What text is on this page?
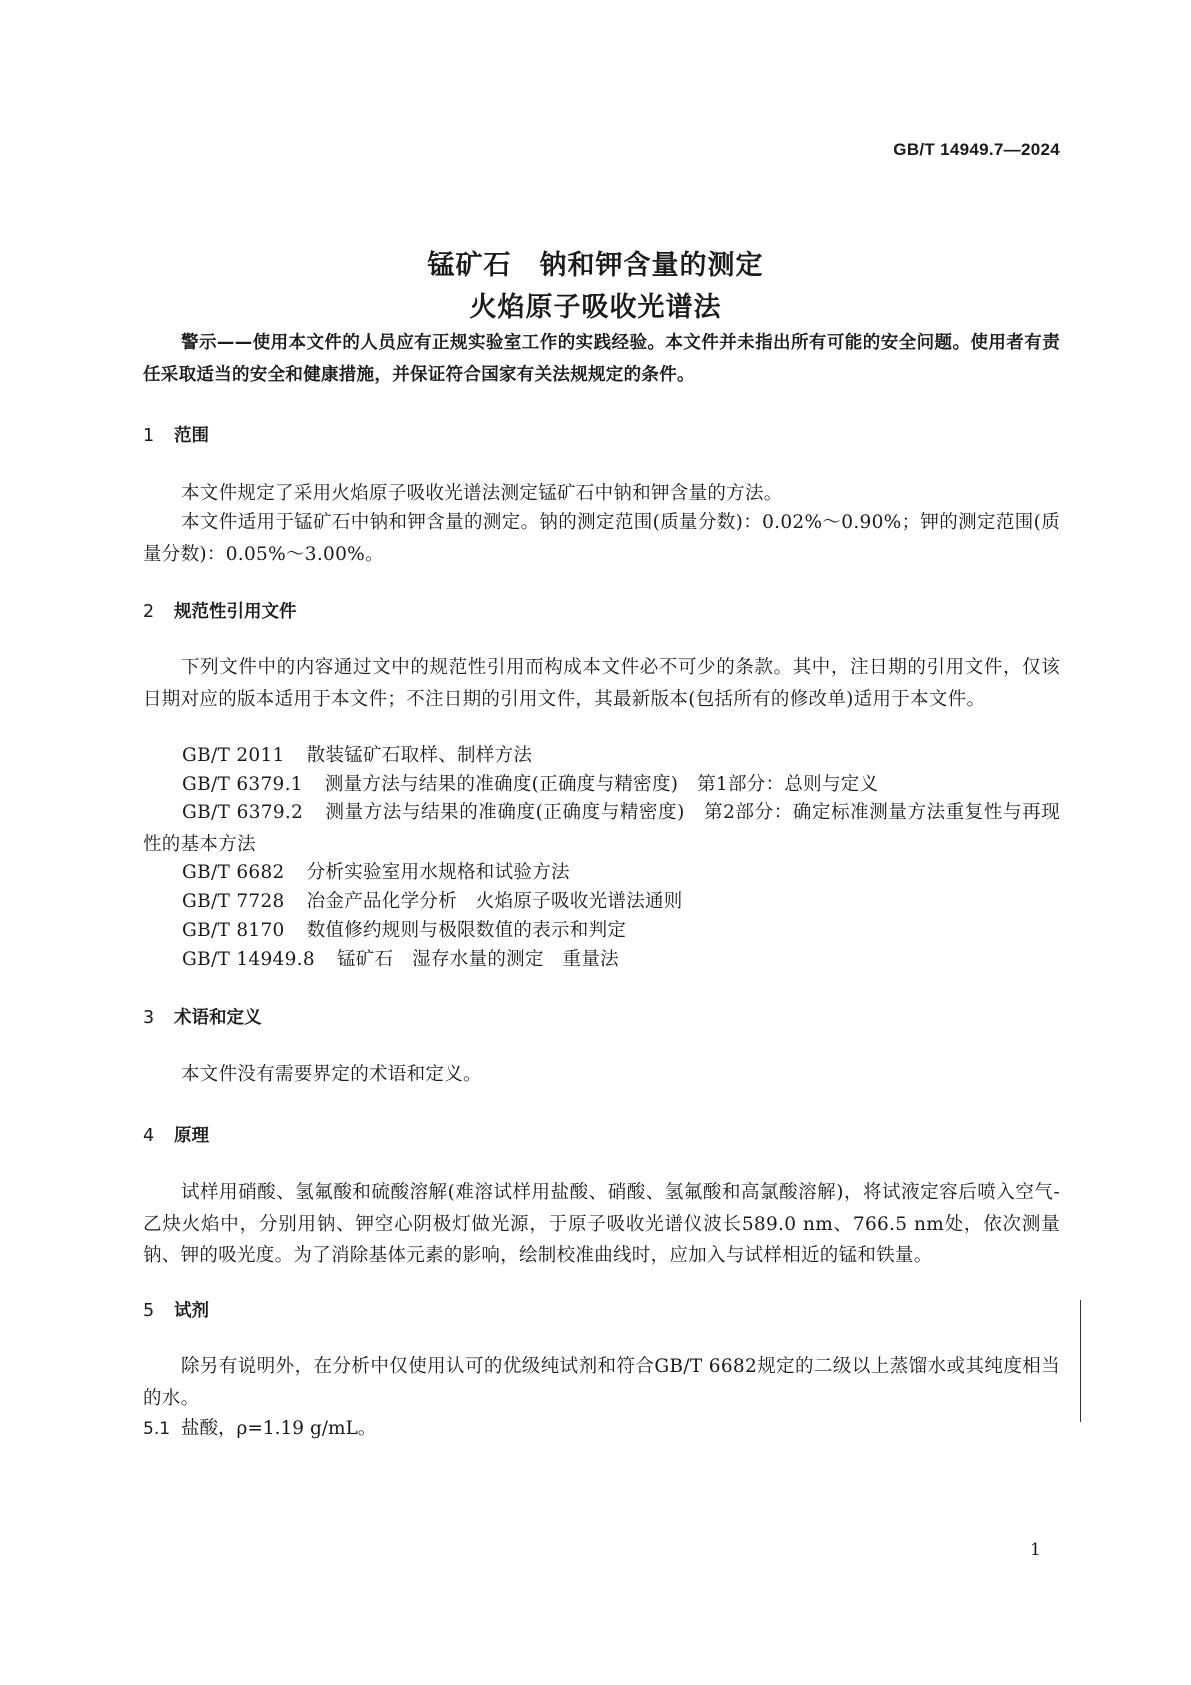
GB/T 14949.7—2024
锰矿石　钠和钾含量的测定
火焰原子吸收光谱法
警示——使用本文件的人员应有正规实验室工作的实践经验。本文件并未指出所有可能的安全问题。使用者有责任采取适当的安全和健康措施，并保证符合国家有关法规规定的条件。
1 范围
本文件规定了采用火焰原子吸收光谱法测定锰矿石中钠和钾含量的方法。
本文件适用于锰矿石中钠和钾含量的测定。钠的测定范围(质量分数)：0.02%～0.90%；钾的测定范围(质量分数)：0.05%～3.00%。
2 规范性引用文件
下列文件中的内容通过文中的规范性引用而构成本文件必不可少的条款。其中，注日期的引用文件，仅该日期对应的版本适用于本文件；不注日期的引用文件，其最新版本(包括所有的修改单)适用于本文件。
GB/T 2011 散装锰矿石取样、制样方法
GB/T 6379.1 测量方法与结果的准确度(正确度与精密度)　第1部分：总则与定义
GB/T 6379.2 测量方法与结果的准确度(正确度与精密度)　第2部分：确定标准测量方法重复性与再现性的基本方法
GB/T 6682 分析实验室用水规格和试验方法
GB/T 7728 冶金产品化学分析　火焰原子吸收光谱法通则
GB/T 8170 数值修约规则与极限数值的表示和判定
GB/T 14949.8 锰矿石　湿存水量的测定　重量法
3 术语和定义
本文件没有需要界定的术语和定义。
4 原理
试样用硝酸、氢氟酸和硫酸溶解(难溶试样用盐酸、硝酸、氢氟酸和高氯酸溶解)，将试液定容后喷入空气-乙炔火焰中，分别用钠、钾空心阴极灯做光源，于原子吸收光谱仪波长589.0 nm、766.5 nm处，依次测量钠、钾的吸光度。为了消除基体元素的影响，绘制校准曲线时，应加入与试样相近的锰和铁量。
5 试剂
除另有说明外，在分析中仅使用认可的优级纯试剂和符合GB/T 6682规定的二级以上蒸馏水或其纯度相当的水。
5.1 盐酸，ρ=1.19 g/mL。
1
